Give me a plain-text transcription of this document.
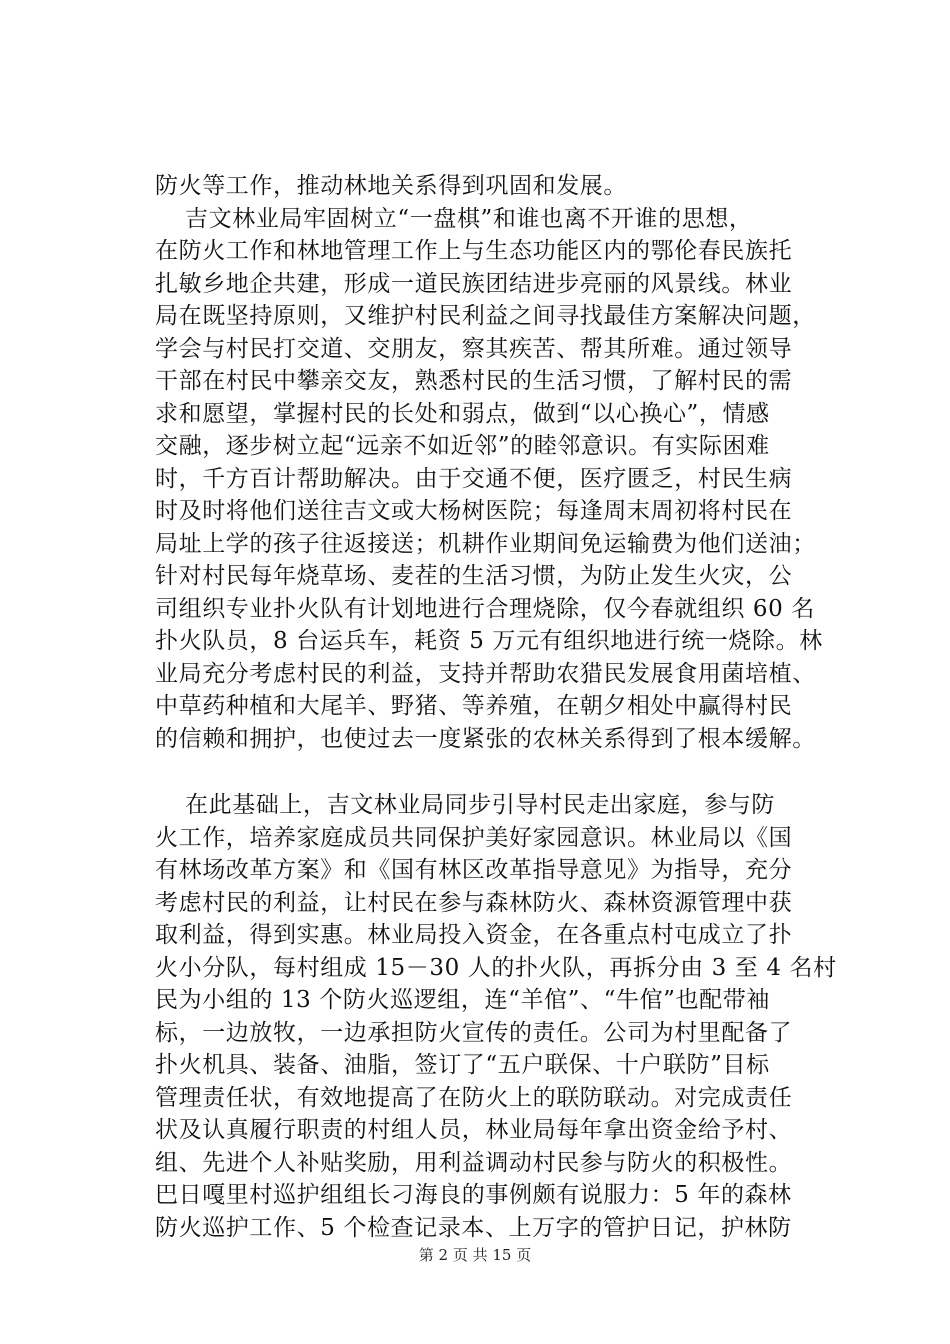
防火等工作，推动林地关系得到巩固和发展。
吉文林业局牢固树立“一盘棋”和谁也离不开谁的思想，
在防火工作和林地管理工作上与生态功能区内的鄂伦春民族托
扎敏乡地企共建，形成一道民族团结进步亮丽的风景线。林业
局在既坚持原则，又维护村民利益之间寻找最佳方案解决问题，
学会与村民打交道、交朋友，察其疾苦、帮其所难。通过领导
干部在村民中攀亲交友，熟悉村民的生活习惯，了解村民的需
求和愿望，掌握村民的长处和弱点，做到“以心换心”，情感
交融，逐步树立起“远亲不如近邻”的睦邻意识。有实际困难
时，千方百计帮助解决。由于交通不便，医疗匮乏，村民生病
时及时将他们送往吉文或大杨树医院；每逢周末周初将村民在
局址上学的孩子往返接送；机耕作业期间免运输费为他们送油；
针对村民每年烧草场、麦茬的生活习惯，为防止发生火灾，公
司组织专业扑火队有计划地进行合理烧除，仅今春就组织 60 名
扑火队员，8 台运兵车，耗资 5 万元有组织地进行统一烧除。林
业局充分考虑村民的利益，支持并帮助农猎民发展食用菌培植、
中草药种植和大尾羊、野猪、等养殖，在朝夕相处中赢得村民
的信赖和拥护，也使过去一度紧张的农林关系得到了根本缓解。
在此基础上，吉文林业局同步引导村民走出家庭，参与防
火工作，培养家庭成员共同保护美好家园意识。林业局以《国
有林场改革方案》和《国有林区改革指导意见》为指导，充分
考虑村民的利益，让村民在参与森林防火、森林资源管理中获
取利益，得到实惠。林业局投入资金，在各重点村屯成立了扑
火小分队，每村组成 15－30 人的扑火队，再拆分由 3 至 4 名村
民为小组的 13 个防火巡逻组，连“羊倌”、“牛倌”也配带袖
标，一边放牧，一边承担防火宣传的责任。公司为村里配备了
扑火机具、装备、油脂，签订了“五户联保、十户联防”目标
管理责任状，有效地提高了在防火上的联防联动。对完成责任
状及认真履行职责的村组人员，林业局每年拿出资金给予村、
组、先进个人补贴奖励，用利益调动村民参与防火的积极性。
巴日嘎里村巡护组组长刁海良的事例颇有说服力：5 年的森林
防火巡护工作、5 个检查记录本、上万字的管护日记，护林防
第 2 页 共 15 页
